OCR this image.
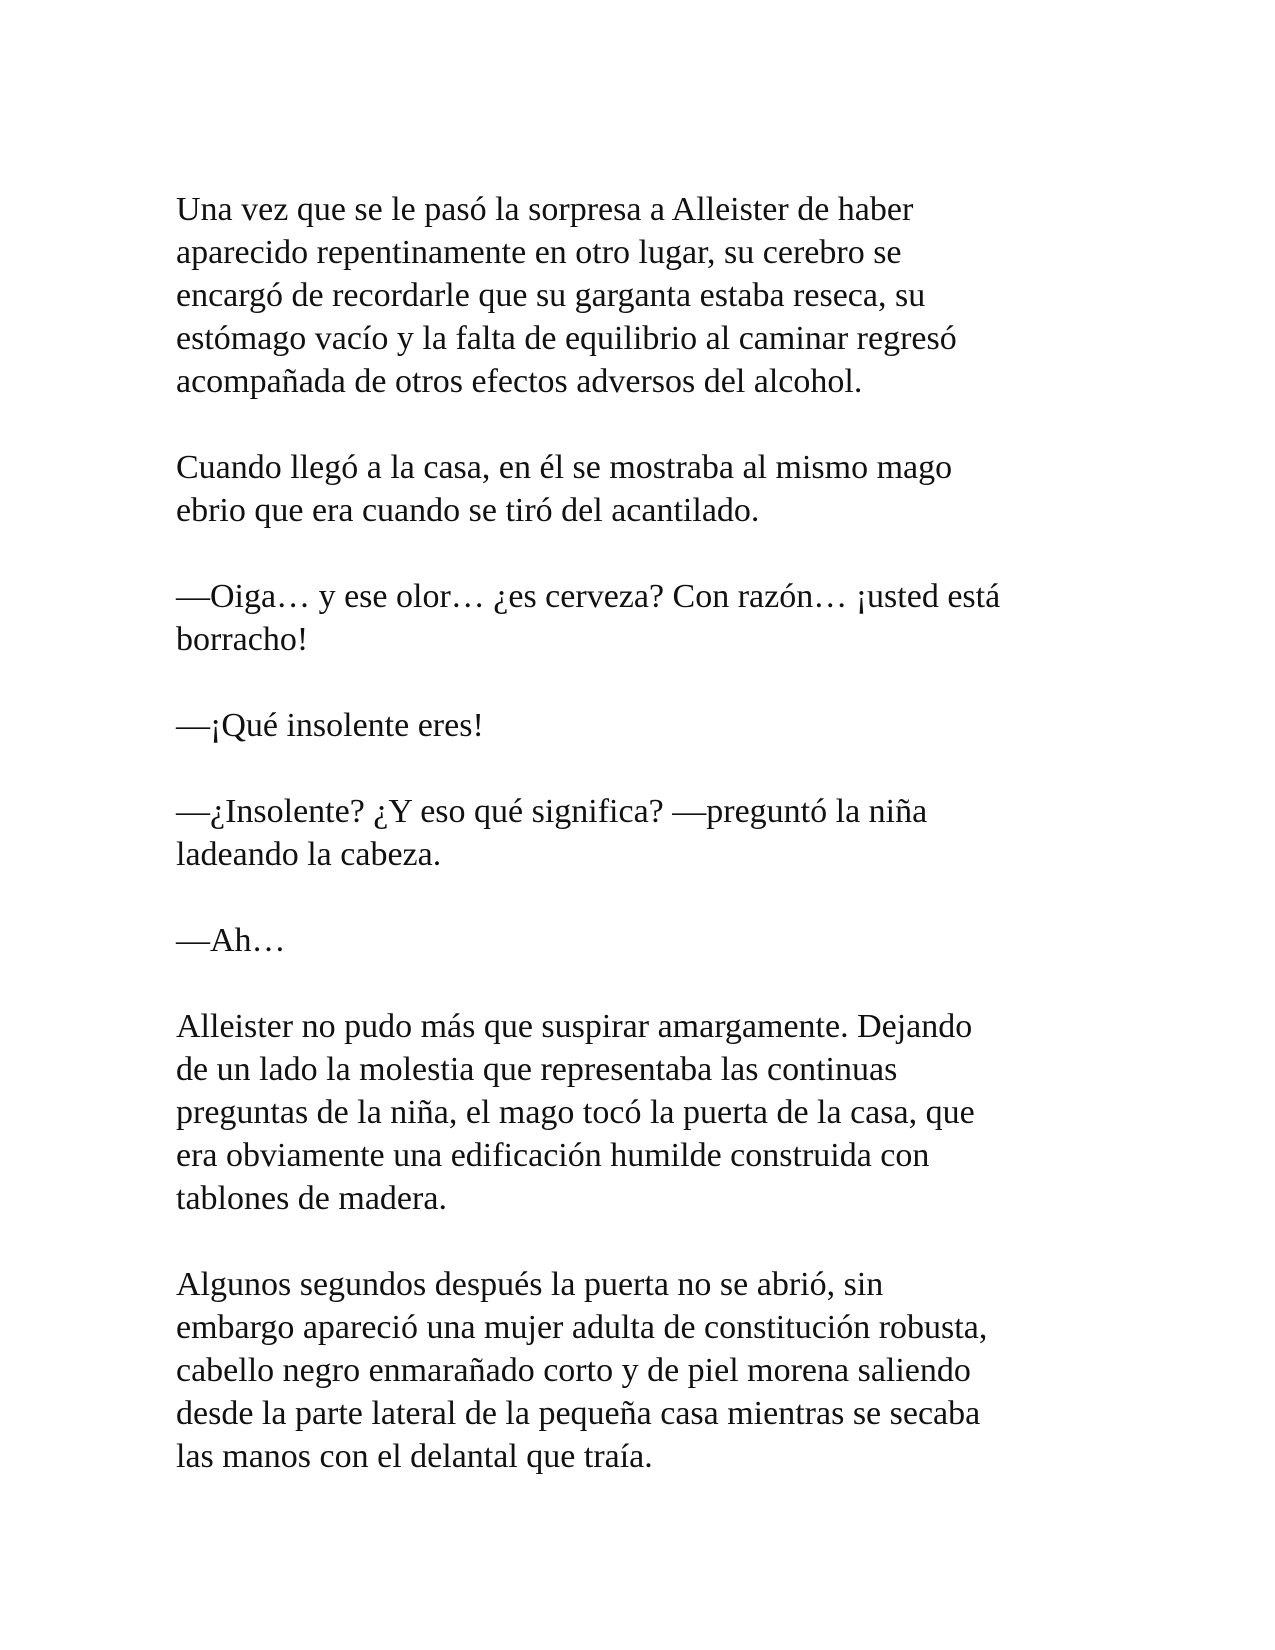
Una vez que se le pasó la sorpresa a Alleister de haber
aparecido repentinamente en otro lugar, su cerebro se
encargó de recordarle que su garganta estaba reseca, su
estómago vacío y la falta de equilibrio al caminar regresó
acompañada de otros efectos adversos del alcohol.

Cuando llegó a la casa, en él se mostraba al mismo mago
ebrio que era cuando se tiró del acantilado.

—Oiga… y ese olor… ¿es cerveza? Con razón… ¡usted está
borracho!

—¡Qué insolente eres!

—¿Insolente? ¿Y eso qué significa? —preguntó la niña
ladeando la cabeza.

—Ah…

Alleister no pudo más que suspirar amargamente. Dejando
de un lado la molestia que representaba las continuas
preguntas de la niña, el mago tocó la puerta de la casa, que
era obviamente una edificación humilde construida con
tablones de madera.

Algunos segundos después la puerta no se abrió, sin
embargo apareció una mujer adulta de constitución robusta,
cabello negro enmarañado corto y de piel morena saliendo
desde la parte lateral de la pequeña casa mientras se secaba
las manos con el delantal que traía.
